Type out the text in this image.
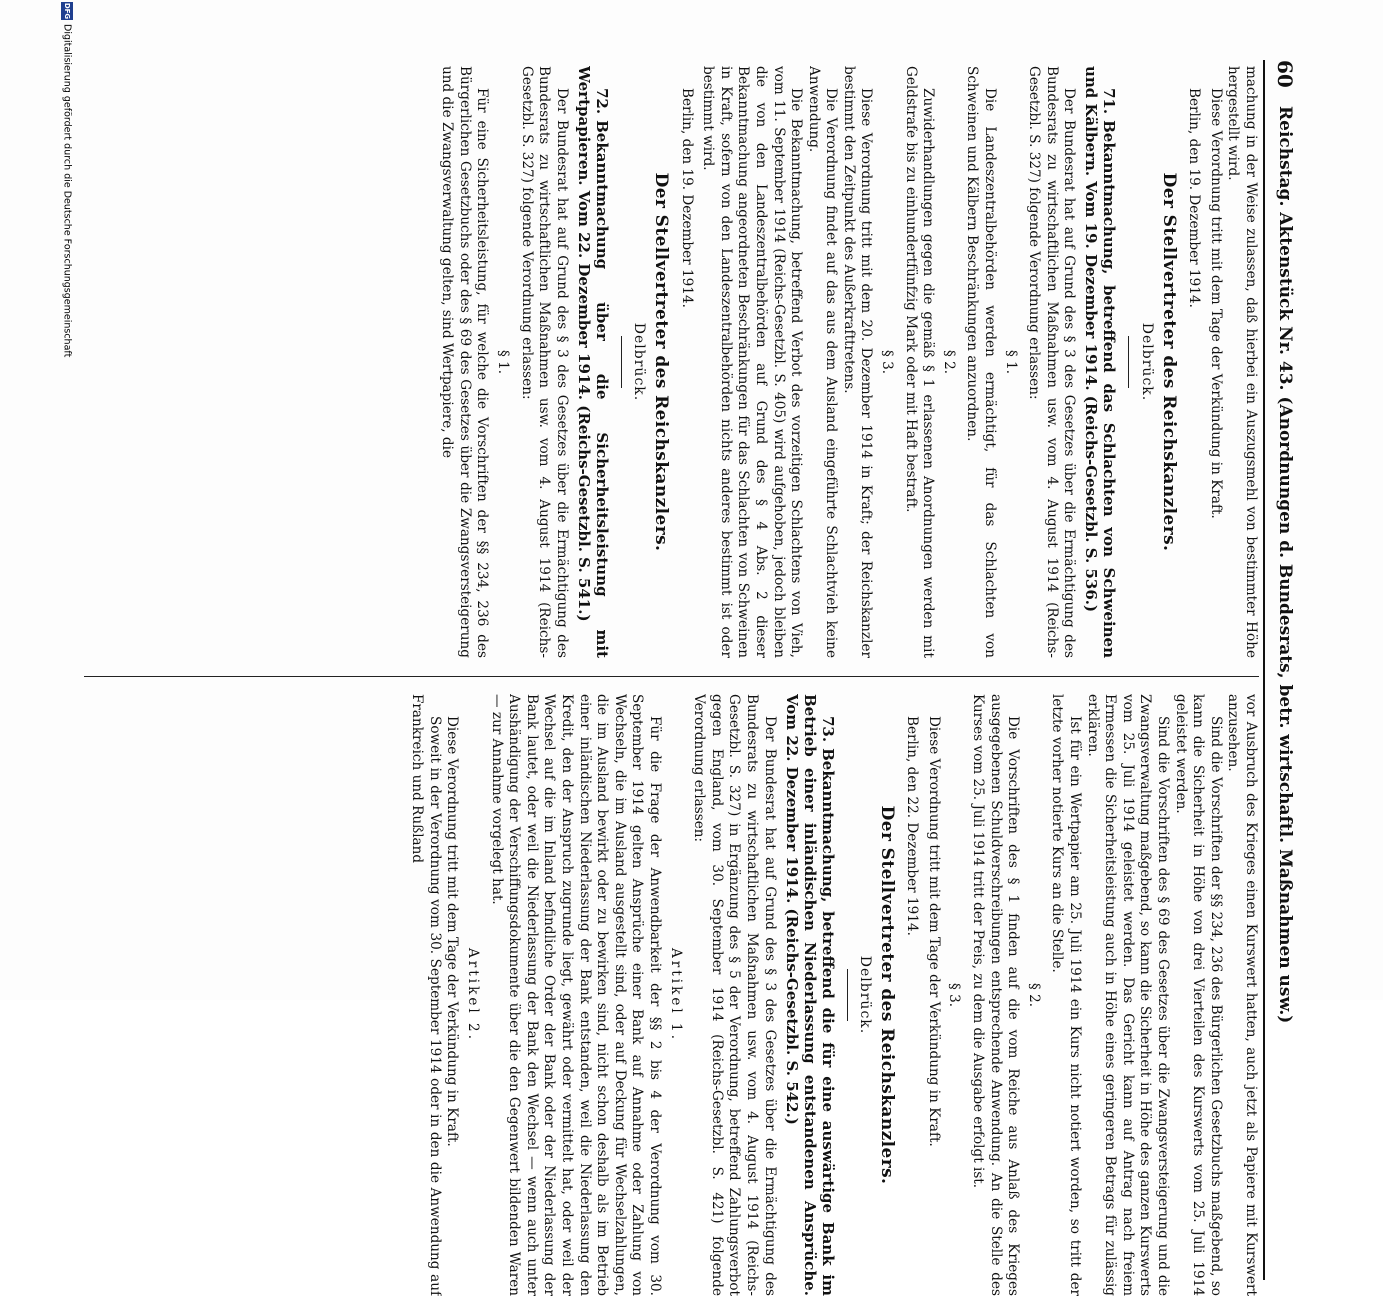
60
Reichstag. Aktenstück Nr. 43. (Anordnungen d. Bundesrats, betr. wirtschaftl. Maßnahmen usw.)

machung in der Weise zulassen, daß hierbei ein Auszugsmehl von bestimmter Höhe hergestellt wird.

Diese Verordnung tritt mit dem Tage der Verkündung in Kraft.

Berlin, den 19. Dezember 1914.

Der Stellvertreter des Reichskanzlers.

Delbrück.

71.Bekanntmachung, betreffend das Schlachten von Schweinen und Kälbern. Vom 19. Dezember 1914. (Reichs-Gesetzbl. S. 536.)

Der Bundesrat hat auf Grund des § 3 des Gesetzes über die Ermächtigung des Bundesrats zu wirtschaftlichen Maßnahmen usw. vom 4. August 1914 (Reichs-Gesetzbl. S. 327) folgende Verordnung erlassen:

§ 1.

Die Landeszentralbehörden werden ermächtigt, für das Schlachten von Schweinen und Kälbern Beschränkungen anzuordnen.

§ 2.

Zuwiderhandlungen gegen die gemäß § 1 erlassenen Anordnungen werden mit Geldstrafe bis zu einhundertfünfzig Mark oder mit Haft bestraft.

§ 3.

Diese Verordnung tritt mit dem 20. Dezember 1914 in Kraft; der Reichskanzler bestimmt den Zeitpunkt des Außerkrafttretens.

Die Verordnung findet auf das aus dem Ausland eingeführte Schlachtvieh keine Anwendung.

Die Bekanntmachung, betreffend Verbot des vorzeitigen Schlachtens von Vieh, vom 11. September 1914 (Reichs-Gesetzbl. S. 405) wird aufgehoben, jedoch bleiben die von den Landeszentralbehörden auf Grund des § 4 Abs. 2 dieser Bekanntmachung angeordneten Beschränkungen für das Schlachten von Schweinen in Kraft, sofern von den Landeszentralbehörden nichts anderes bestimmt ist oder bestimmt wird.

Berlin, den 19. Dezember 1914.

Der Stellvertreter des Reichskanzlers.

Delbrück.

72.Bekanntmachung über die Sicherheitsleistung mit Wertpapieren. Vom 22. Dezember 1914. (Reichs-Gesetzbl. S. 541.)

Der Bundesrat hat auf Grund des § 3 des Gesetzes über die Ermächtigung des Bundesrats zu wirtschaftlichen Maßnahmen usw. vom 4. August 1914 (Reichs-Gesetzbl. S. 327) folgende Verordnung erlassen:

§ 1.

Für eine Sicherheitsleistung, für welche die Vorschriften der §§ 234, 236 des Bürgerlichen Gesetzbuchs oder des § 69 des Gesetzes über die Zwangsversteigerung und die Zwangsverwaltung gelten, sind Wertpapiere, die

vor Ausbruch des Krieges einen Kurswert hatten, auch jetzt als Papiere mit Kurswert anzusehen.

Sind die Vorschriften der §§ 234, 236 des Bürgerlichen Gesetzbuchs maßgebend, so kann die Sicherheit in Höhe von drei Vierteilen des Kurswerts vom 25. Juli 1914 geleistet werden.

Sind die Vorschriften des § 69 des Gesetzes über die Zwangsversteigerung und die Zwangsverwaltung maßgebend, so kann die Sicherheit in Höhe des ganzen Kurswerts vom 25. Juli 1914 geleistet werden. Das Gericht kann auf Antrag nach freiem Ermessen die Sicherheitsleistung auch in Höhe eines geringeren Betrags für zulässig erklären.

Ist für ein Wertpapier am 25. Juli 1914 ein Kurs nicht notiert worden, so tritt der letzte vorher notierte Kurs an die Stelle.

§ 2.

Die Vorschriften des § 1 finden auf die vom Reiche aus Anlaß des Krieges ausgegebenen Schuldverschreibungen entsprechende Anwendung. An die Stelle des Kurses vom 25. Juli 1914 tritt der Preis, zu dem die Ausgabe erfolgt ist.

§ 3.

Diese Verordnung tritt mit dem Tage der Verkündung in Kraft.

Berlin, den 22. Dezember 1914.

Der Stellvertreter des Reichskanzlers.

Delbrück.

73.Bekanntmachung, betreffend die für eine auswärtige Bank im Betrieb einer inländischen Niederlassung entstandenen Ansprüche. Vom 22. Dezember 1914. (Reichs-Gesetzbl. S. 542.)

Der Bundesrat hat auf Grund des § 3 des Gesetzes über die Ermächtigung des Bundesrats zu wirtschaftlichen Maßnahmen usw. vom 4. August 1914 (Reichs-Gesetzbl. S. 327) in Ergänzung des § 5 der Verordnung, betreffend Zahlungsverbot gegen England, vom 30. September 1914 (Reichs-Gesetzbl. S. 421) folgende Verordnung erlassen:

Artikel 1.

Für die Frage der Anwendbarkeit der §§ 2 bis 4 der Verordnung vom 30. September 1914 gelten Ansprüche einer Bank auf Annahme oder Zahlung von Wechseln, die im Ausland ausgestellt sind, oder auf Deckung für Wechselzahlungen, die im Ausland bewirkt oder zu bewirken sind, nicht schon deshalb als im Betrieb einer inländischen Niederlassung der Bank entstanden, weil die Niederlassung den Kredit, den der Anspruch zugrunde liegt, gewährt oder vermittelt hat, oder weil der Wechsel auf die im Inland befindliche Order der Bank oder der Niederlassung der Bank lautet, oder weil die Niederlassung der Bank den Wechsel — wenn auch unter Aushändigung der Verschiffungsdokumente über die den Gegenwert bildenden Waren — zur Annahme vorgelegt hat.

Artikel 2.

Diese Verordnung tritt mit dem Tage der Verkündung in Kraft.

Soweit in der Verordnung vom 30. September 1914 oder in den die Anwendung auf Frankreich und Rußland

DFGDigitalisierung gefördert durch die Deutsche Forschungsgemeinschaft
